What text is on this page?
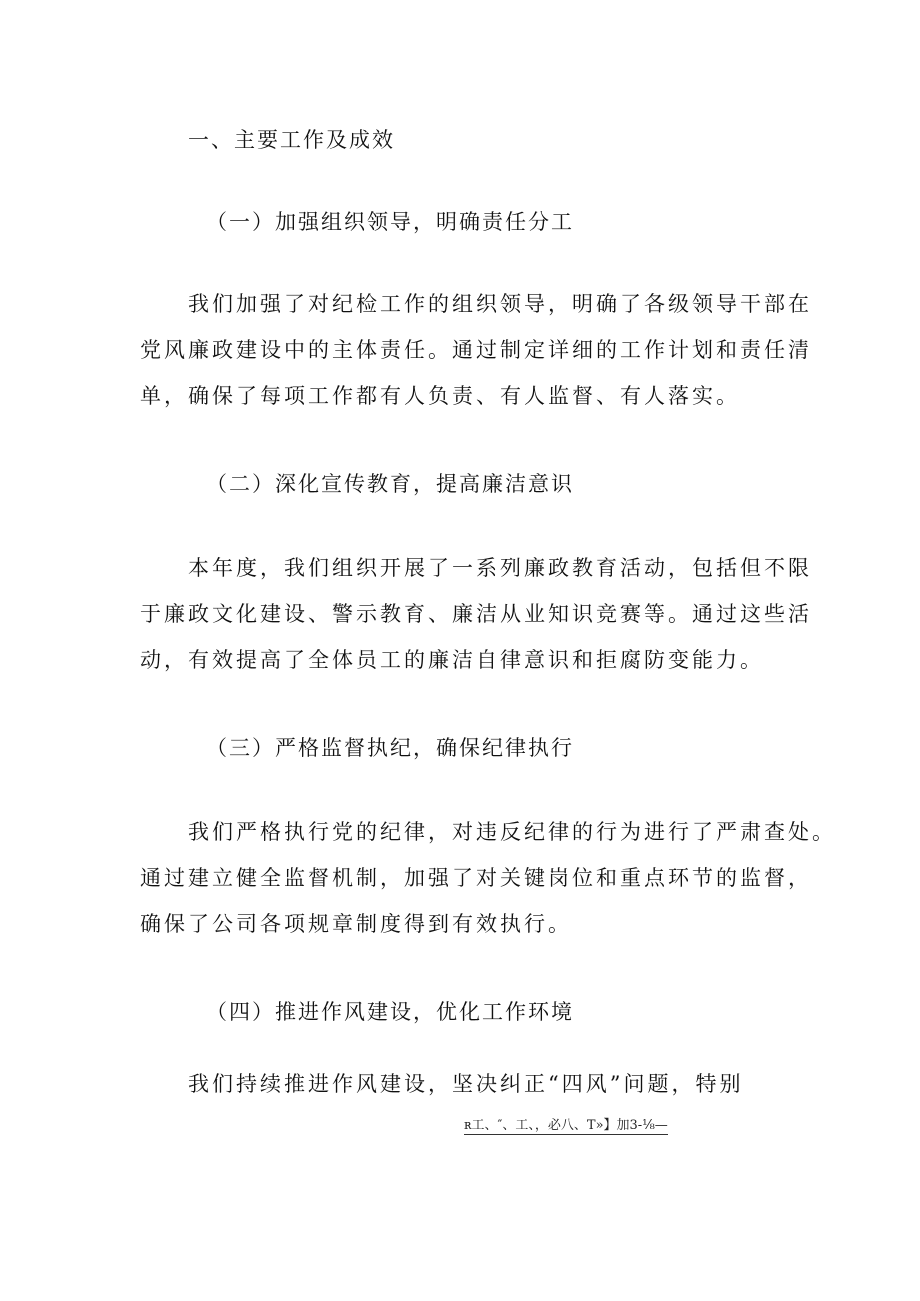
一、主要工作及成效
（一）加强组织领导，明确责任分工
我们加强了对纪检工作的组织领导，明确了各级领导干部在
党风廉政建设中的主体责任。通过制定详细的工作计划和责任清
单，确保了每项工作都有人负责、有人监督、有人落实。
（二）深化宣传教育，提高廉洁意识
本年度，我们组织开展了一系列廉政教育活动，包括但不限
于廉政文化建设、警示教育、廉洁从业知识竞赛等。通过这些活
动，有效提高了全体员工的廉洁自律意识和拒腐防变能力。
（三）严格监督执纪，确保纪律执行
我们严格执行党的纪律，对违反纪律的行为进行了严肃查处。
通过建立健全监督机制，加强了对关键岗位和重点环节的监督，
确保了公司各项规章制度得到有效执行。
（四）推进作风建设，优化工作环境
我们持续推进作风建设，坚决纠正“四风”问题，特别
ʀ工、″、工、，必八、T»】加3-⅛—
